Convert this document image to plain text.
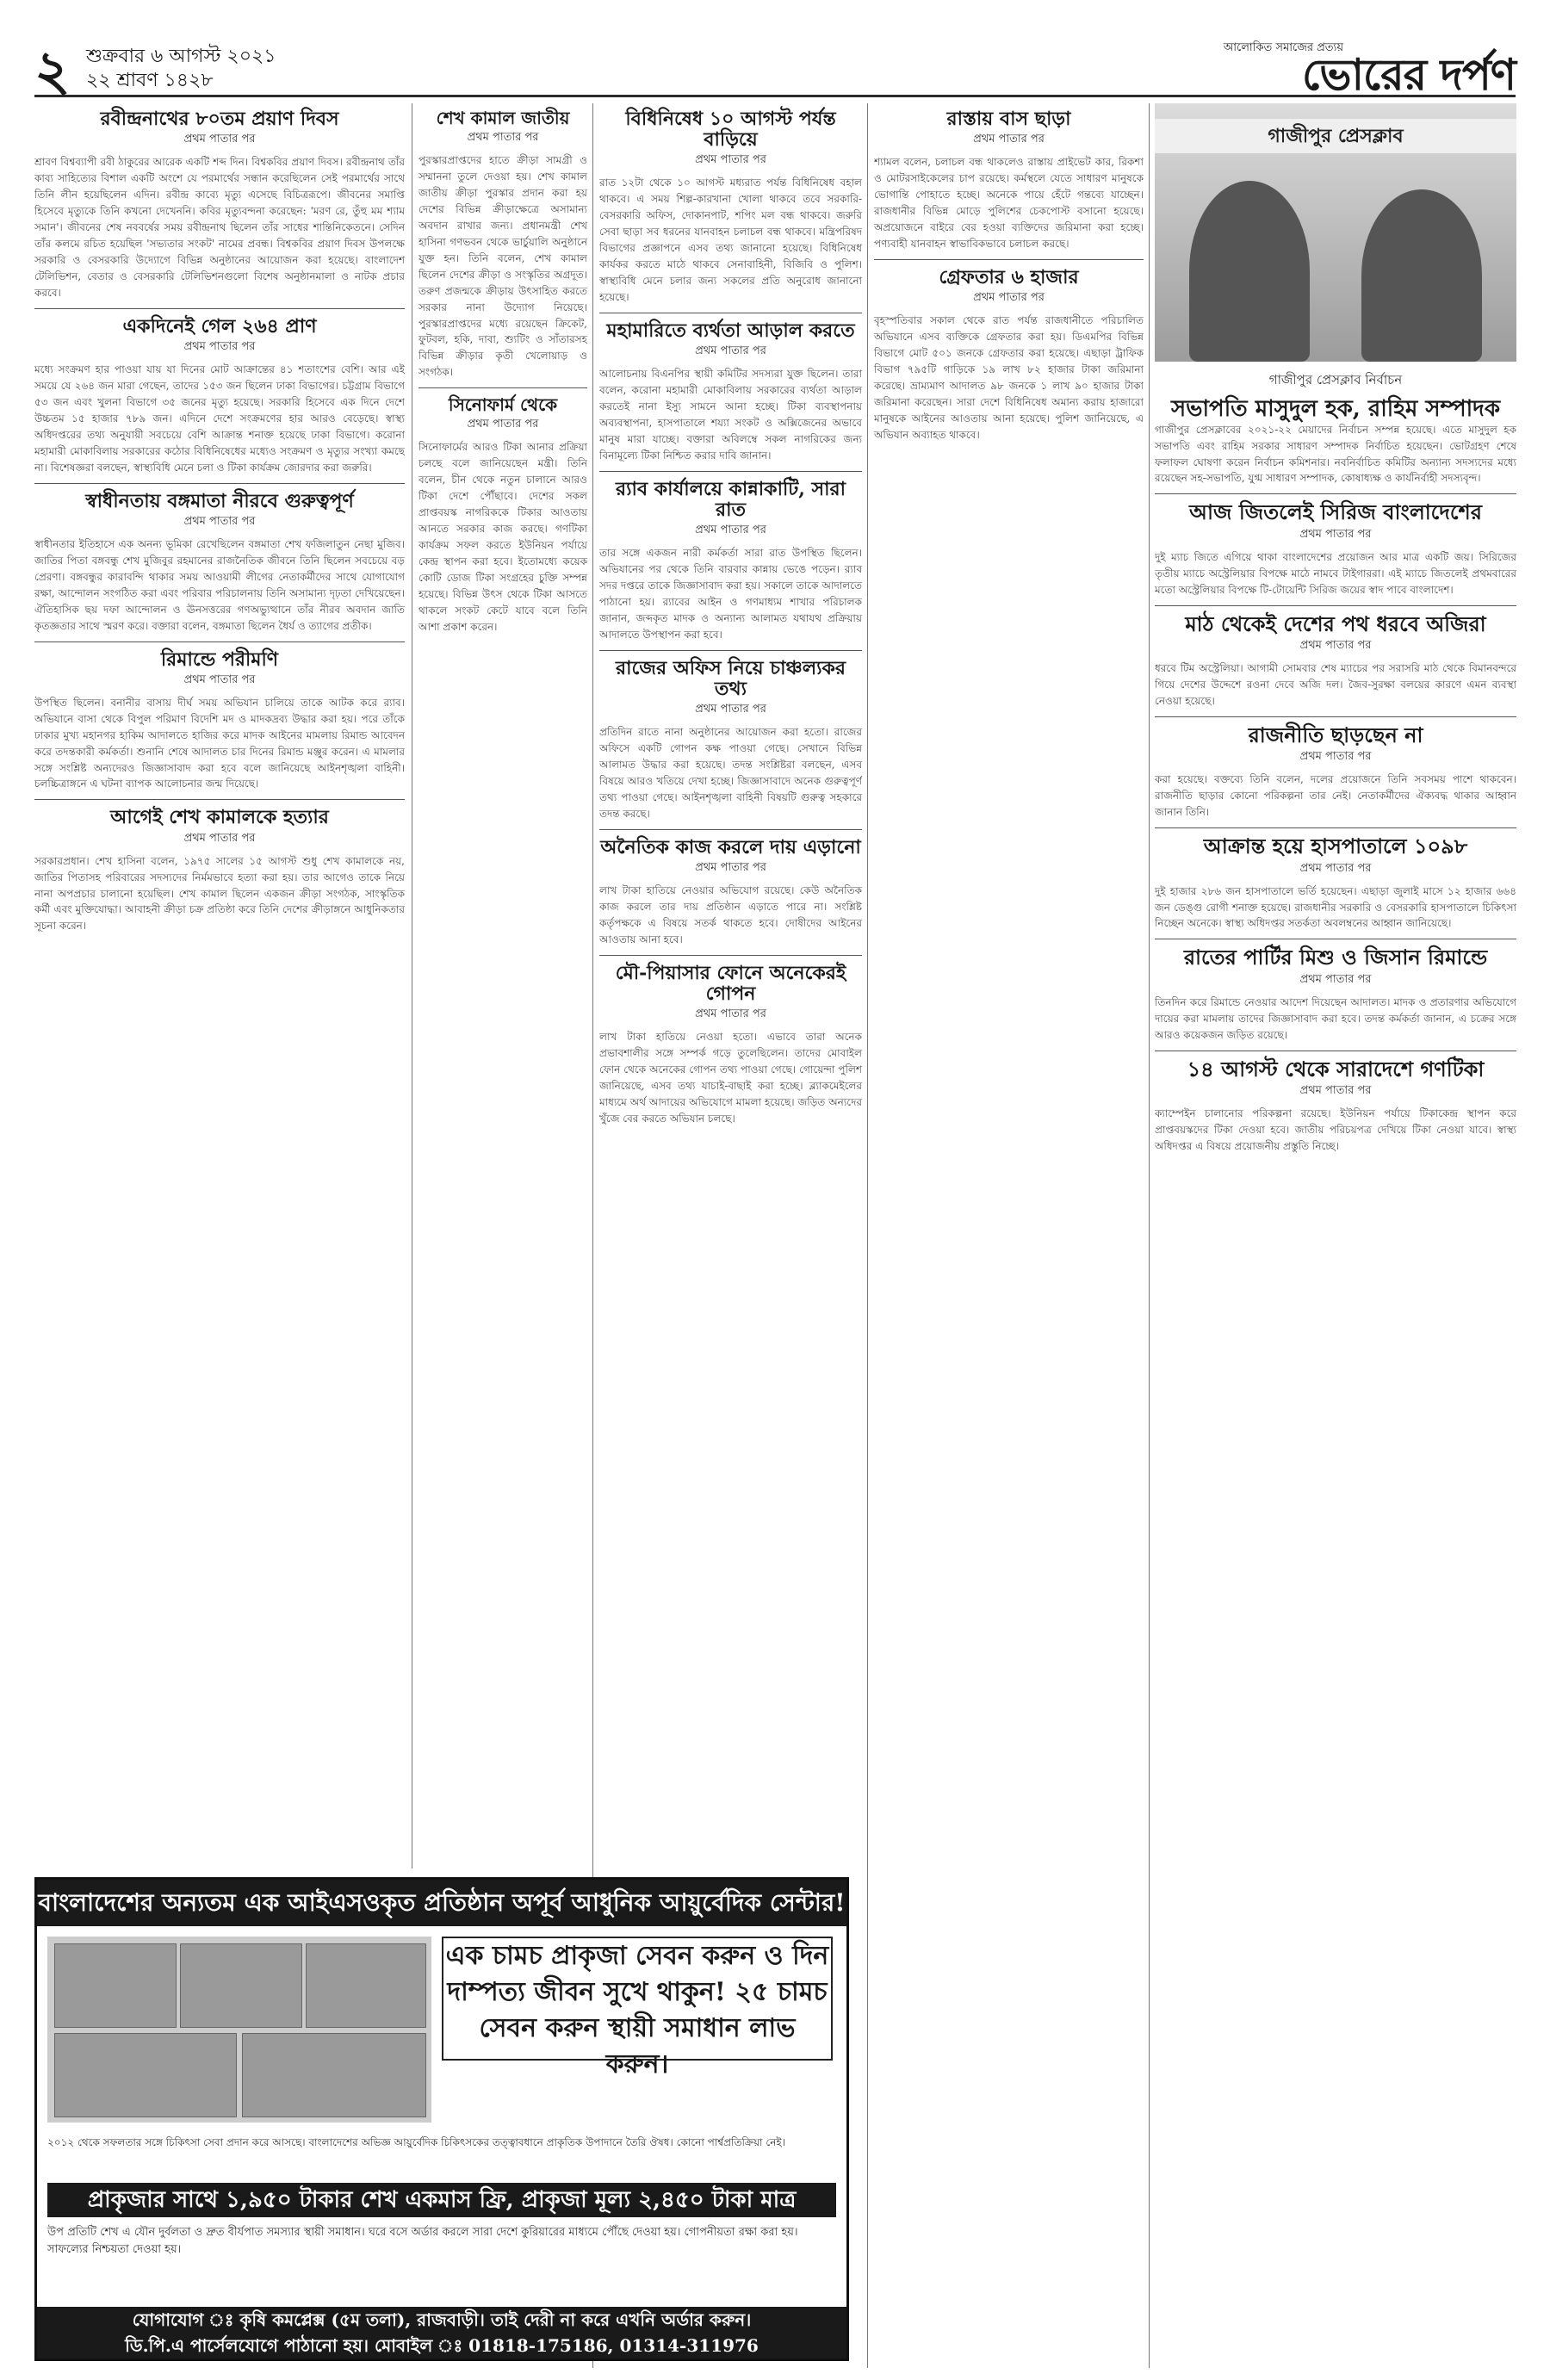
২ শুক্রবার ৬ আগস্ট ২০২১
২২ শ্রাবণ ১৪২৮
আলোকিত সমাজের প্রত্যয়
ভোরের দর্পণ
রবীন্দ্রনাথের ৮০তম প্রয়াণ দিবস
প্রথম পাতার পর

শ্রাবণ বিশ্বব্যাপী রবী ঠাকুরের আরেক একটি শব্দ দিন। বিশ্বকবির প্রয়াণ দিবস। রবীন্দ্রনাথ তাঁর কাব্য সাহিত্যের বিশাল একটি অংশে যে পরমার্থের সন্ধান করেছিলেন সেই পরমার্থের সাথে তিনি লীন হয়েছিলেন এদিন। রবীন্দ্র কাব্যে মৃত্যু এসেছে বিচিত্ররূপে। জীবনের সমাপ্তি হিসেবে মৃত্যুকে তিনি কখনো দেখেননি। কবির মৃত্যুবন্দনা করেছেন: 'মরণ রে, তুঁহু মম শ্যাম সমান'। জীবনের শেষ নববর্ষের সময় রবীন্দ্রনাথ ছিলেন তাঁর সাধের শান্তিনিকেতনে। সেদিন তাঁর কলমে রচিত হয়েছিল 'সভ্যতার সংকট' নামের প্রবন্ধ। বিশ্বকবির প্রয়াণ দিবস উপলক্ষে সরকারি ও বেসরকারি উদ্যোগে বিভিন্ন অনুষ্ঠানের আয়োজন করা হয়েছে। বাংলাদেশ টেলিভিশন, বেতার ও বেসরকারি টেলিভিশনগুলো বিশেষ অনুষ্ঠানমালা ও নাটক প্রচার করবে।

একদিনেই গেল ২৬৪ প্রাণ
প্রথম পাতার পর

মধ্যে সংক্রমণ হার পাওয়া যায় যা দিনের মোট আক্রান্তের ৪১ শতাংশের বেশি। আর এই সময়ে যে ২৬৪ জন মারা গেছেন, তাদের ১৫৩ জন ছিলেন ঢাকা বিভাগের। চট্টগ্রাম বিভাগে ৫৩ জন এবং খুলনা বিভাগে ৩৫ জনের মৃত্যু হয়েছে। সরকারি হিসেবে এক দিনে দেশে উচ্চতম ১৫ হাজার ৭৮৯ জন। এদিনে দেশে সংক্রমণের হার আরও বেড়েছে। স্বাস্থ্য অধিদপ্তরের তথ্য অনুযায়ী সবচেয়ে বেশি আক্রান্ত শনাক্ত হয়েছে ঢাকা বিভাগে। করোনা মহামারী মোকাবিলায় সরকারের কঠোর বিধিনিষেধের মধ্যেও সংক্রমণ ও মৃত্যুর সংখ্যা কমছে না। বিশেষজ্ঞরা বলছেন, স্বাস্থ্যবিধি মেনে চলা ও টিকা কার্যক্রম জোরদার করা জরুরি।

স্বাধীনতায় বঙ্গমাতা নীরবে গুরুত্বপূর্ণ
প্রথম পাতার পর

স্বাধীনতার ইতিহাসে এক অনন্য ভূমিকা রেখেছিলেন বঙ্গমাতা শেখ ফজিলাতুন নেছা মুজিব। জাতির পিতা বঙ্গবন্ধু শেখ মুজিবুর রহমানের রাজনৈতিক জীবনে তিনি ছিলেন সবচেয়ে বড় প্রেরণা। বঙ্গবন্ধুর কারাবন্দি থাকার সময় আওয়ামী লীগের নেতাকর্মীদের সাথে যোগাযোগ রক্ষা, আন্দোলন সংগঠিত করা এবং পরিবার পরিচালনায় তিনি অসামান্য দৃঢ়তা দেখিয়েছেন। ঐতিহাসিক ছয় দফা আন্দোলন ও ঊনসত্তরের গণঅভ্যুত্থানে তাঁর নীরব অবদান জাতি কৃতজ্ঞতার সাথে স্মরণ করে। বক্তারা বলেন, বঙ্গমাতা ছিলেন ধৈর্য ও ত্যাগের প্রতীক।

রিমান্ডে পরীমণি
প্রথম পাতার পর

উপস্থিত ছিলেন। বনানীর বাসায় দীর্ঘ সময় অভিযান চালিয়ে তাকে আটক করে র‍্যাব। অভিযানে বাসা থেকে বিপুল পরিমাণ বিদেশি মদ ও মাদকদ্রব্য উদ্ধার করা হয়। পরে তাঁকে ঢাকার মুখ্য মহানগর হাকিম আদালতে হাজির করে মাদক আইনের মামলায় রিমান্ড আবেদন করে তদন্তকারী কর্মকর্তা। শুনানি শেষে আদালত চার দিনের রিমান্ড মঞ্জুর করেন। এ মামলার সঙ্গে সংশ্লিষ্ট অন্যদেরও জিজ্ঞাসাবাদ করা হবে বলে জানিয়েছে আইনশৃঙ্খলা বাহিনী। চলচ্চিত্রাঙ্গনে এ ঘটনা ব্যাপক আলোচনার জন্ম দিয়েছে।

আগেই শেখ কামালকে হত্যার
প্রথম পাতার পর

সরকারপ্রধান। শেখ হাসিনা বলেন, ১৯৭৫ সালের ১৫ আগস্ট শুধু শেখ কামালকে নয়, জাতির পিতাসহ পরিবারের সদস্যদের নির্মমভাবে হত্যা করা হয়। তার আগেও তাকে নিয়ে নানা অপপ্রচার চালানো হয়েছিল। শেখ কামাল ছিলেন একজন ক্রীড়া সংগঠক, সাংস্কৃতিক কর্মী এবং মুক্তিযোদ্ধা। আবাহনী ক্রীড়া চক্র প্রতিষ্ঠা করে তিনি দেশের ক্রীড়াঙ্গনে আধুনিকতার সূচনা করেন।

শেখ কামাল জাতীয়
প্রথম পাতার পর

পুরস্কারপ্রাপ্তদের হাতে ক্রীড়া সামগ্রী ও সম্মাননা তুলে দেওয়া হয়। শেখ কামাল জাতীয় ক্রীড়া পুরস্কার প্রদান করা হয় দেশের বিভিন্ন ক্রীড়াক্ষেত্রে অসামান্য অবদান রাখার জন্য। প্রধানমন্ত্রী শেখ হাসিনা গণভবন থেকে ভার্চুয়ালি অনুষ্ঠানে যুক্ত হন। তিনি বলেন, শেখ কামাল ছিলেন দেশের ক্রীড়া ও সংস্কৃতির অগ্রদূত। তরুণ প্রজন্মকে ক্রীড়ায় উৎসাহিত করতে সরকার নানা উদ্যোগ নিয়েছে। পুরস্কারপ্রাপ্তদের মধ্যে রয়েছেন ক্রিকেট, ফুটবল, হকি, দাবা, শ্যুটিং ও সাঁতারসহ বিভিন্ন ক্রীড়ার কৃতী খেলোয়াড় ও সংগঠক।

সিনোফার্ম থেকে
প্রথম পাতার পর

সিনোফার্মের আরও টিকা আনার প্রক্রিয়া চলছে বলে জানিয়েছেন মন্ত্রী। তিনি বলেন, চীন থেকে নতুন চালানে আরও টিকা দেশে পৌঁছাবে। দেশের সকল প্রাপ্তবয়স্ক নাগরিককে টিকার আওতায় আনতে সরকার কাজ করছে। গণটিকা কার্যক্রম সফল করতে ইউনিয়ন পর্যায়ে কেন্দ্র স্থাপন করা হবে। ইতোমধ্যে কয়েক কোটি ডোজ টিকা সংগ্রহের চুক্তি সম্পন্ন হয়েছে। বিভিন্ন উৎস থেকে টিকা আসতে থাকলে সংকট কেটে যাবে বলে তিনি আশা প্রকাশ করেন।

বিধিনিষেধ ১০ আগস্ট পর্যন্ত বাড়িয়ে
প্রথম পাতার পর

রাত ১২টা থেকে ১০ আগস্ট মধ্যরাত পর্যন্ত বিধিনিষেধ বহাল থাকবে। এ সময় শিল্প-কারখানা খোলা থাকবে তবে সরকারি-বেসরকারি অফিস, দোকানপাট, শপিং মল বন্ধ থাকবে। জরুরি সেবা ছাড়া সব ধরনের যানবাহন চলাচল বন্ধ থাকবে। মন্ত্রিপরিষদ বিভাগের প্রজ্ঞাপনে এসব তথ্য জানানো হয়েছে। বিধিনিষেধ কার্যকর করতে মাঠে থাকবে সেনাবাহিনী, বিজিবি ও পুলিশ। স্বাস্থ্যবিধি মেনে চলার জন্য সকলের প্রতি অনুরোধ জানানো হয়েছে।

মহামারিতে ব্যর্থতা আড়াল করতে
প্রথম পাতার পর

আলোচনায় বিএনপির স্থায়ী কমিটির সদস্যরা যুক্ত ছিলেন। তারা বলেন, করোনা মহামারী মোকাবিলায় সরকারের ব্যর্থতা আড়াল করতেই নানা ইস্যু সামনে আনা হচ্ছে। টিকা ব্যবস্থাপনায় অব্যবস্থাপনা, হাসপাতালে শয্যা সংকট ও অক্সিজেনের অভাবে মানুষ মারা যাচ্ছে। বক্তারা অবিলম্বে সকল নাগরিকের জন্য বিনামূল্যে টিকা নিশ্চিত করার দাবি জানান।

র‍্যাব কার্যালয়ে কান্নাকাটি, সারা রাত
প্রথম পাতার পর

তার সঙ্গে একজন নারী কর্মকর্তা সারা রাত উপস্থিত ছিলেন। অভিযানের পর থেকে তিনি বারবার কান্নায় ভেঙে পড়েন। র‍্যাব সদর দপ্তরে তাকে জিজ্ঞাসাবাদ করা হয়। সকালে তাকে আদালতে পাঠানো হয়। র‍্যাবের আইন ও গণমাধ্যম শাখার পরিচালক জানান, জব্দকৃত মাদক ও অন্যান্য আলামত যথাযথ প্রক্রিয়ায় আদালতে উপস্থাপন করা হবে।

রাজের অফিস নিয়ে চাঞ্চল্যকর তথ্য
প্রথম পাতার পর

প্রতিদিন রাতে নানা অনুষ্ঠানের আয়োজন করা হতো। রাজের অফিসে একটি গোপন কক্ষ পাওয়া গেছে। সেখানে বিভিন্ন আলামত উদ্ধার করা হয়েছে। তদন্ত সংশ্লিষ্টরা বলছেন, এসব বিষয়ে আরও খতিয়ে দেখা হচ্ছে। জিজ্ঞাসাবাদে অনেক গুরুত্বপূর্ণ তথ্য পাওয়া গেছে। আইনশৃঙ্খলা বাহিনী বিষয়টি গুরুত্ব সহকারে তদন্ত করছে।

অনৈতিক কাজ করলে দায় এড়ানো
প্রথম পাতার পর

লাখ টাকা হাতিয়ে নেওয়ার অভিযোগ রয়েছে। কেউ অনৈতিক কাজ করলে তার দায় প্রতিষ্ঠান এড়াতে পারে না। সংশ্লিষ্ট কর্তৃপক্ষকে এ বিষয়ে সতর্ক থাকতে হবে। দোষীদের আইনের আওতায় আনা হবে।

মৌ-পিয়াসার ফোনে অনেকেরই গোপন
প্রথম পাতার পর

লাখ টাকা হাতিয়ে নেওয়া হতো। এভাবে তারা অনেক প্রভাবশালীর সঙ্গে সম্পর্ক গড়ে তুলেছিলেন। তাদের মোবাইল ফোন থেকে অনেকের গোপন তথ্য পাওয়া গেছে। গোয়েন্দা পুলিশ জানিয়েছে, এসব তথ্য যাচাই-বাছাই করা হচ্ছে। ব্ল্যাকমেইলের মাধ্যমে অর্থ আদায়ের অভিযোগে মামলা হয়েছে। জড়িত অন্যদের খুঁজে বের করতে অভিযান চলছে।

রাস্তায় বাস ছাড়া
প্রথম পাতার পর

শ্যামল বলেন, চলাচল বন্ধ থাকলেও রাস্তায় প্রাইভেট কার, রিকশা ও মোটরসাইকেলের চাপ রয়েছে। কর্মস্থলে যেতে সাধারণ মানুষকে ভোগান্তি পোহাতে হচ্ছে। অনেকে পায়ে হেঁটে গন্তব্যে যাচ্ছেন। রাজধানীর বিভিন্ন মোড়ে পুলিশের চেকপোস্ট বসানো হয়েছে। অপ্রয়োজনে বাইরে বের হওয়া ব্যক্তিদের জরিমানা করা হচ্ছে। পণ্যবাহী যানবাহন স্বাভাবিকভাবে চলাচল করছে।

গ্রেফতার ৬ হাজার
প্রথম পাতার পর

বৃহস্পতিবার সকাল থেকে রাত পর্যন্ত রাজধানীতে পরিচালিত অভিযানে এসব ব্যক্তিকে গ্রেফতার করা হয়। ডিএমপির বিভিন্ন বিভাগে মোট ৫০১ জনকে গ্রেফতার করা হয়েছে। এছাড়া ট্রাফিক বিভাগ ৭৯৫টি গাড়িকে ১৯ লাখ ৮২ হাজার টাকা জরিমানা করেছে। ভ্রাম্যমাণ আদালত ৯৮ জনকে ১ লাখ ৯০ হাজার টাকা জরিমানা করেছেন। সারা দেশে বিধিনিষেধ অমান্য করায় হাজারো মানুষকে আইনের আওতায় আনা হয়েছে। পুলিশ জানিয়েছে, এ অভিযান অব্যাহত থাকবে।

গাজীপুর প্রেসক্লাব
গাজীপুর প্রেসক্লাব নির্বাচন
সভাপতি মাসুদুল হক, রাহিম সম্পাদক

গাজীপুর প্রেসক্লাবের ২০২১-২২ মেয়াদের নির্বাচন সম্পন্ন হয়েছে। এতে মাসুদুল হক সভাপতি এবং রাহিম সরকার সাধারণ সম্পাদক নির্বাচিত হয়েছেন। ভোটগ্রহণ শেষে ফলাফল ঘোষণা করেন নির্বাচন কমিশনার। নবনির্বাচিত কমিটির অন্যান্য সদস্যদের মধ্যে রয়েছেন সহ-সভাপতি, যুগ্ম সাধারণ সম্পাদক, কোষাধ্যক্ষ ও কার্যনির্বাহী সদস্যবৃন্দ।

আজ জিতলেই সিরিজ বাংলাদেশের
প্রথম পাতার পর

দুই ম্যাচ জিতে এগিয়ে থাকা বাংলাদেশের প্রয়োজন আর মাত্র একটি জয়। সিরিজের তৃতীয় ম্যাচে অস্ট্রেলিয়ার বিপক্ষে মাঠে নামবে টাইগাররা। এই ম্যাচে জিতলেই প্রথমবারের মতো অস্ট্রেলিয়ার বিপক্ষে টি-টোয়েন্টি সিরিজ জয়ের স্বাদ পাবে বাংলাদেশ।

মাঠ থেকেই দেশের পথ ধরবে অজিরা
প্রথম পাতার পর

ধরবে টিম অস্ট্রেলিয়া। আগামী সোমবার শেষ ম্যাচের পর সরাসরি মাঠ থেকে বিমানবন্দরে গিয়ে দেশের উদ্দেশে রওনা দেবে অজি দল। জৈব-সুরক্ষা বলয়ের কারণে এমন ব্যবস্থা নেওয়া হয়েছে।

রাজনীতি ছাড়ছেন না
প্রথম পাতার পর

করা হয়েছে। বক্তব্যে তিনি বলেন, দলের প্রয়োজনে তিনি সবসময় পাশে থাকবেন। রাজনীতি ছাড়ার কোনো পরিকল্পনা তার নেই। নেতাকর্মীদের ঐক্যবদ্ধ থাকার আহ্বান জানান তিনি।

আক্রান্ত হয়ে হাসপাতালে ১০৯৮
প্রথম পাতার পর

দুই হাজার ২৮৬ জন হাসপাতালে ভর্তি হয়েছেন। এছাড়া জুলাই মাসে ১২ হাজার ৬৬৪ জন ডেঙ্গু রোগী শনাক্ত হয়েছে। রাজধানীর সরকারি ও বেসরকারি হাসপাতালে চিকিৎসা নিচ্ছেন অনেকে। স্বাস্থ্য অধিদপ্তর সতর্কতা অবলম্বনের আহ্বান জানিয়েছে।

রাতের পার্টির মিশু ও জিসান রিমান্ডে
প্রথম পাতার পর

তিনদিন করে রিমান্ডে নেওয়ার আদেশ দিয়েছেন আদালত। মাদক ও প্রতারণার অভিযোগে দায়ের করা মামলায় তাদের জিজ্ঞাসাবাদ করা হবে। তদন্ত কর্মকর্তা জানান, এ চক্রের সঙ্গে আরও কয়েকজন জড়িত রয়েছে।

১৪ আগস্ট থেকে সারাদেশে গণটিকা
প্রথম পাতার পর

ক্যাম্পেইন চালানোর পরিকল্পনা রয়েছে। ইউনিয়ন পর্যায়ে টিকাকেন্দ্র স্থাপন করে প্রাপ্তবয়স্কদের টিকা দেওয়া হবে। জাতীয় পরিচয়পত্র দেখিয়ে টিকা নেওয়া যাবে। স্বাস্থ্য অধিদপ্তর এ বিষয়ে প্রয়োজনীয় প্রস্তুতি নিচ্ছে।

বাংলাদেশের অন্যতম এক আইএসওকৃত প্রতিষ্ঠান অপূর্ব আধুনিক আয়ুর্বেদিক সেন্টার!
এক চামচ প্রাকৃজা সেবন করুন ও দিন দাম্পত্য জীবন সুখে থাকুন! ২৫ চামচ সেবন করুন স্থায়ী সমাধান লাভ করুন।
২০১২ থেকে সফলতার সঙ্গে চিকিৎসা সেবা প্রদান করে আসছে। বাংলাদেশের অভিজ্ঞ আয়ুর্বেদিক চিকিৎসকের তত্ত্বাবধানে প্রাকৃতিক উপাদানে তৈরি ঔষধ। কোনো পার্শ্বপ্রতিক্রিয়া নেই।
প্রাকৃজার সাথে ১,৯৫০ টাকার শেখ একমাস ফ্রি, প্রাকৃজা মূল্য ২,৪৫০ টাকা মাত্র
উপ প্রতিটি শেখ এ যৌন দুর্বলতা ও দ্রুত বীর্যপাত সমস্যার স্থায়ী সমাধান। ঘরে বসে অর্ডার করলে সারা দেশে কুরিয়ারের মাধ্যমে পৌঁছে দেওয়া হয়। গোপনীয়তা রক্ষা করা হয়। সাফল্যের নিশ্চয়তা দেওয়া হয়।
যোগাযোগ ঃ কৃষি কমপ্লেক্স (৫ম তলা), রাজবাড়ী। তাই দেরী না করে এখনি অর্ডার করুন।
ডি.পি.এ পার্সেলযোগে পাঠানো হয়। মোবাইল ঃ 01818-175186, 01314-311976
